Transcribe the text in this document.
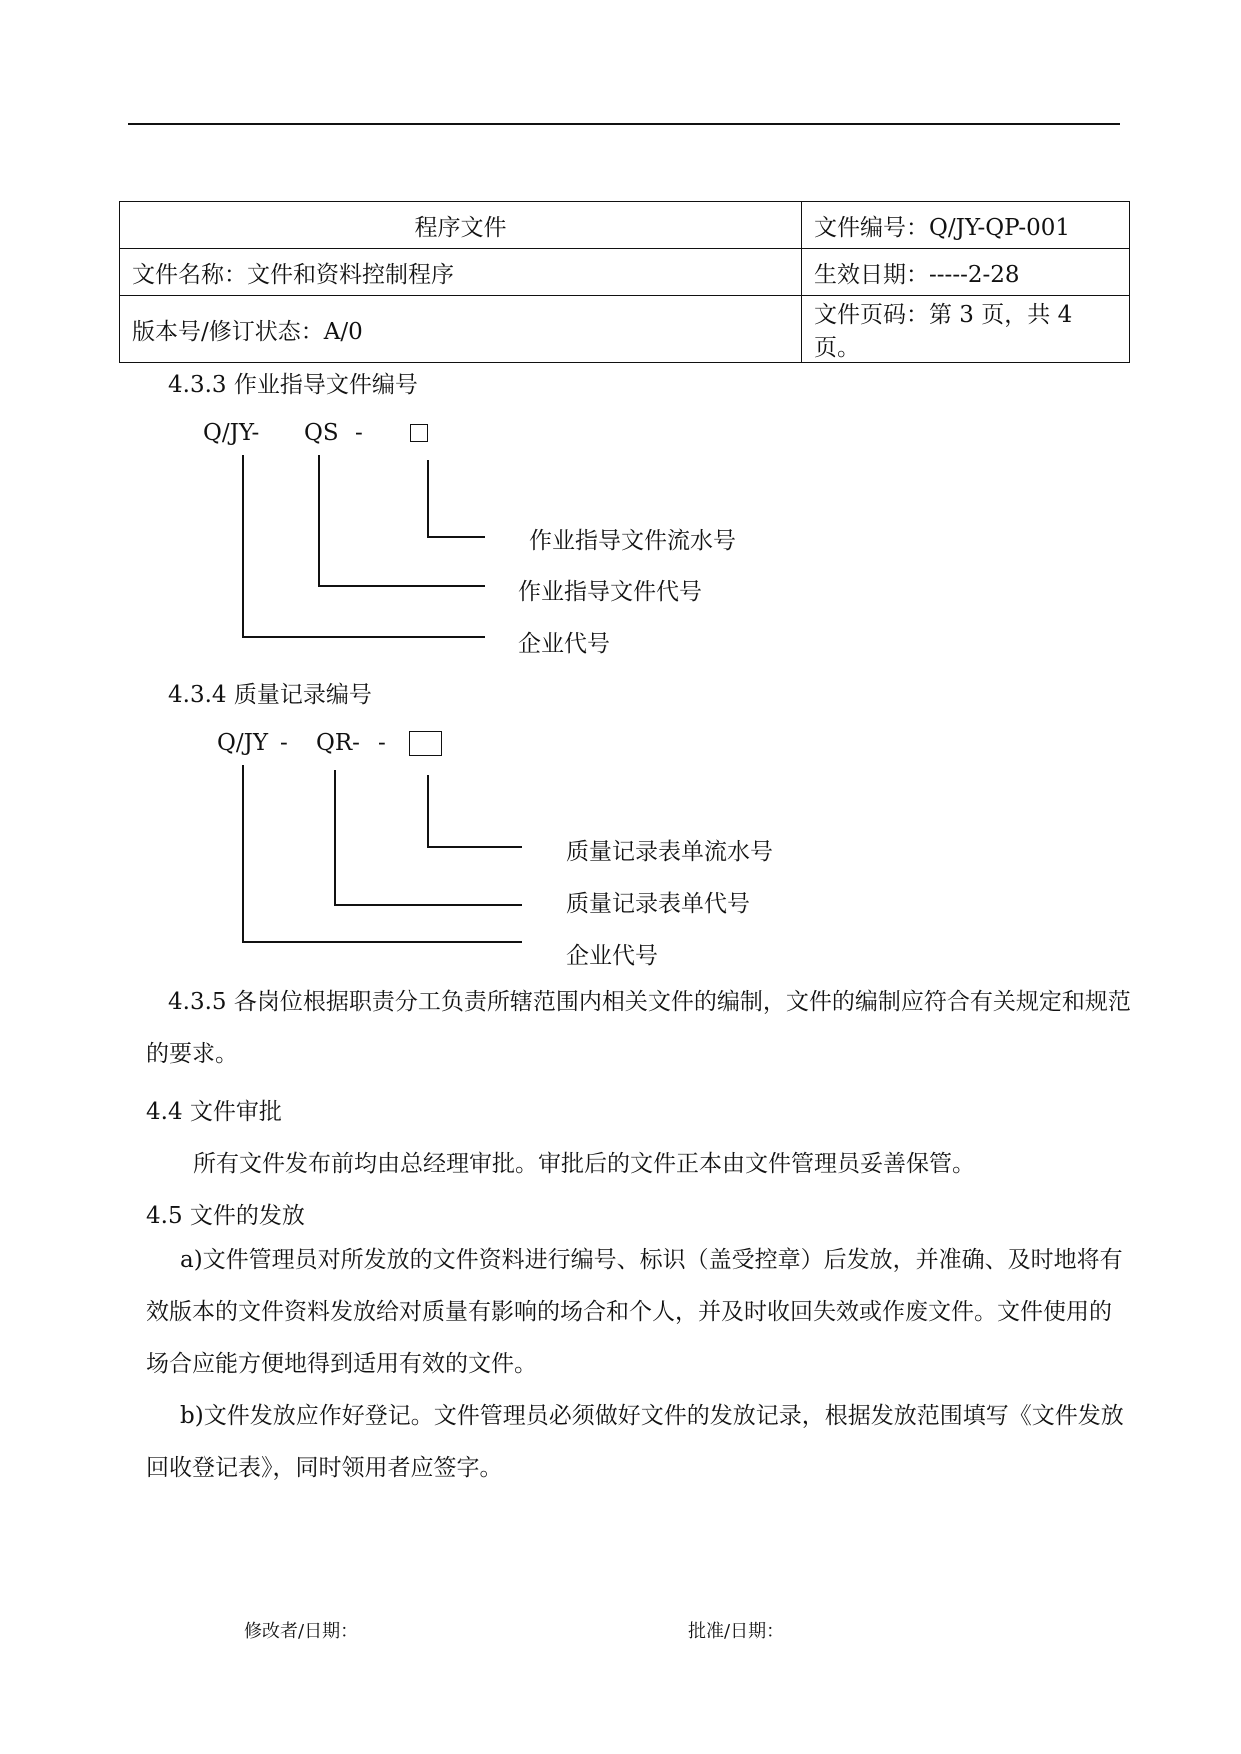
程序文件	文件编号：Q/JY-QP-001
文件名称：文件和资料控制程序	生效日期：-----2-28
版本号/修订状态：A/0	文件页码：第 3 页，共 4 页。
4.3.3 作业指导文件编号
Q/JY- QS -
作业指导文件流水号
作业指导文件代号
企业代号
4.3.4 质量记录编号
Q/JY - QR- -
质量记录表单流水号
质量记录表单代号
企业代号
4.3.5 各岗位根据职责分工负责所辖范围内相关文件的编制，文件的编制应符合有关规定和规范的要求。
4.4 文件审批
所有文件发布前均由总经理审批。审批后的文件正本由文件管理员妥善保管。
4.5 文件的发放
a)文件管理员对所发放的文件资料进行编号、标识（盖受控章）后发放，并准确、及时地将有效版本的文件资料发放给对质量有影响的场合和个人，并及时收回失效或作废文件。文件使用的场合应能方便地得到适用有效的文件。
b)文件发放应作好登记。文件管理员必须做好文件的发放记录，根据发放范围填写《文件发放回收登记表》，同时领用者应签字。
修改者/日期：	批准/日期：
